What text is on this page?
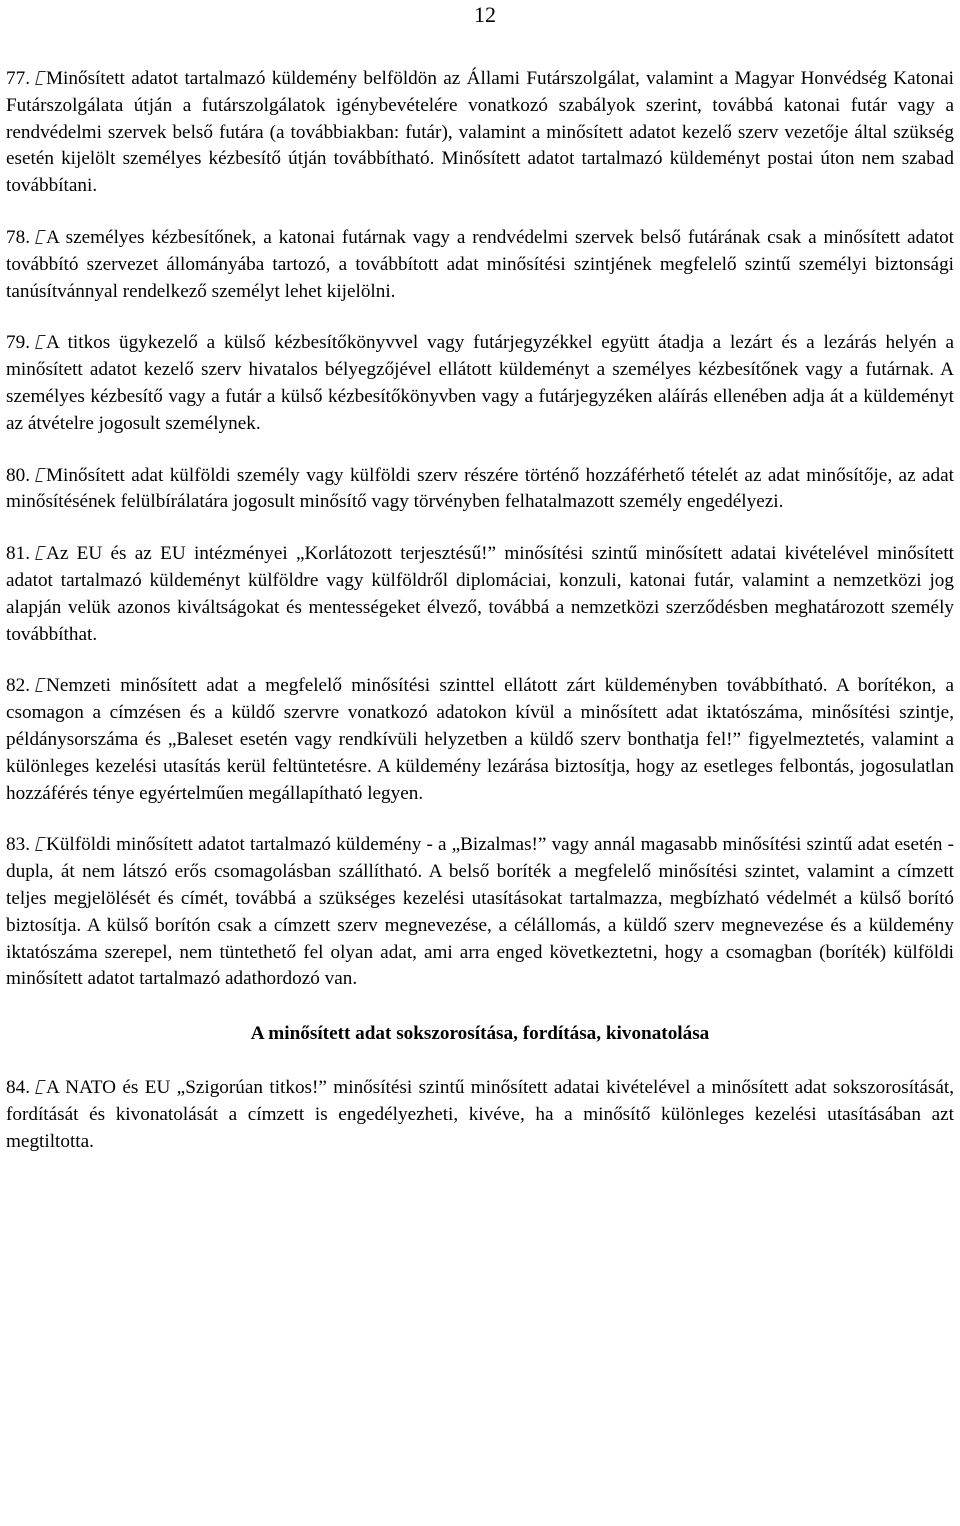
12

77. Minősített adatot tartalmazó küldemény belföldön az Állami Futárszolgálat, valamint a Magyar Honvédség Katonai Futárszolgálata útján a futárszolgálatok igénybevételére vonatkozó szabályok szerint, továbbá katonai futár vagy a rendvédelmi szervek belső futára (a továbbiakban: futár), valamint a minősített adatot kezelő szerv vezetője által szükség esetén kijelölt személyes kézbesítő útján továbbítható. Minősített adatot tartalmazó küldeményt postai úton nem szabad továbbítani.

78. A személyes kézbesítőnek, a katonai futárnak vagy a rendvédelmi szervek belső futárának csak a minősített adatot továbbító szervezet állományába tartozó, a továbbított adat minősítési szintjének megfelelő szintű személyi biztonsági tanúsítvánnyal rendelkező személyt lehet kijelölni.

79. A titkos ügykezelő a külső kézbesítőkönyvvel vagy futárjegyzékkel együtt átadja a lezárt és a lezárás helyén a minősített adatot kezelő szerv hivatalos bélyegzőjével ellátott küldeményt a személyes kézbesítőnek vagy a futárnak. A személyes kézbesítő vagy a futár a külső kézbesítőkönyvben vagy a futárjegyzéken aláírás ellenében adja át a küldeményt az átvételre jogosult személynek.

80. Minősített adat külföldi személy vagy külföldi szerv részére történő hozzáférhető tételét az adat minősítője, az adat minősítésének felülbírálatára jogosult minősítő vagy törvényben felhatalmazott személy engedélyezi.

81. Az EU és az EU intézményei „Korlátozott terjesztésű!” minősítési szintű minősített adatai kivételével minősített adatot tartalmazó küldeményt külföldre vagy külföldről diplomáciai, konzuli, katonai futár, valamint a nemzetközi jog alapján velük azonos kiváltságokat és mentességeket élvező, továbbá a nemzetközi szerződésben meghatározott személy továbbíthat.

82. Nemzeti minősített adat a megfelelő minősítési szinttel ellátott zárt küldeményben továbbítható. A borítékon, a csomagon a címzésen és a küldő szervre vonatkozó adatokon kívül a minősített adat iktatószáma, minősítési szintje, példánysorszáma és „Baleset esetén vagy rendkívüli helyzetben a küldő szerv bonthatja fel!” figyelmeztetés, valamint a különleges kezelési utasítás kerül feltüntetésre. A küldemény lezárása biztosítja, hogy az esetleges felbontás, jogosulatlan hozzáférés ténye egyértelműen megállapítható legyen.

83. Külföldi minősített adatot tartalmazó küldemény - a „Bizalmas!” vagy annál magasabb minősítési szintű adat esetén - dupla, át nem látszó erős csomagolásban szállítható. A belső boríték a megfelelő minősítési szintet, valamint a címzett teljes megjelölését és címét, továbbá a szükséges kezelési utasításokat tartalmazza, megbízható védelmét a külső borító biztosítja. A külső borítón csak a címzett szerv megnevezése, a célállomás, a küldő szerv megnevezése és a küldemény iktatószáma szerepel, nem tüntethető fel olyan adat, ami arra enged következtetni, hogy a csomagban (boríték) külföldi minősített adatot tartalmazó adathordozó van.

A minősített adat sokszorosítása, fordítása, kivonatolása

84. A NATO és EU „Szigorúan titkos!” minősítési szintű minősített adatai kivételével a minősített adat sokszorosítását, fordítását és kivonatolását a címzett is engedélyezheti, kivéve, ha a minősítő különleges kezelési utasításában azt megtiltotta.
